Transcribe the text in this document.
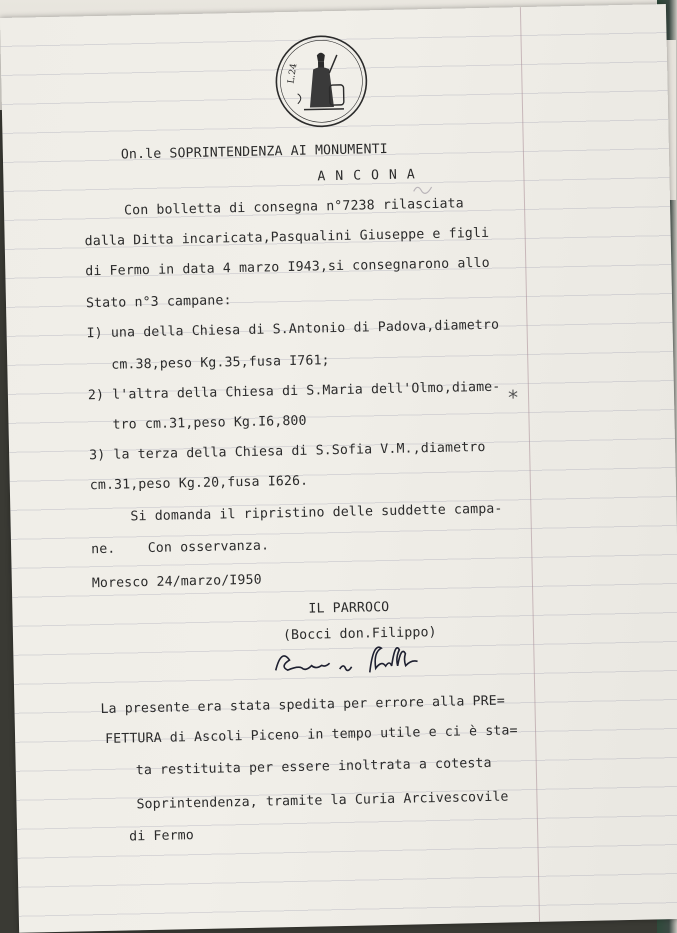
L.24
On.le SOPRINTENDENZA AI MONUMENTI
A N C O N A
Con bolletta di consegna n°7238 rilasciata
dalla Ditta incaricata,Pasqualini Giuseppe e figli
di Fermo in data 4 marzo I943,si consegnarono allo
Stato n°3 campane:
I) una della Chiesa di S.Antonio di Padova,diametro
cm.38,peso Kg.35,fusa I761;
2) l'altra della Chiesa di S.Maria dell'Olmo,diame-
tro cm.31,peso Kg.I6,800
3) la terza della Chiesa di S.Sofia V.M.,diametro
cm.31,peso Kg.20,fusa I626.
Si domanda il ripristino delle suddette campa-
ne.    Con osservanza.
*
Moresco 24/marzo/I950
IL PARROCO
(Bocci don.Filippo)
La presente era stata spedita per errore alla PRE=
FETTURA di Ascoli Piceno in tempo utile e ci è sta=
ta restituita per essere inoltrata a cotesta
Soprintendenza, tramite la Curia Arcivescovile
di Fermo
